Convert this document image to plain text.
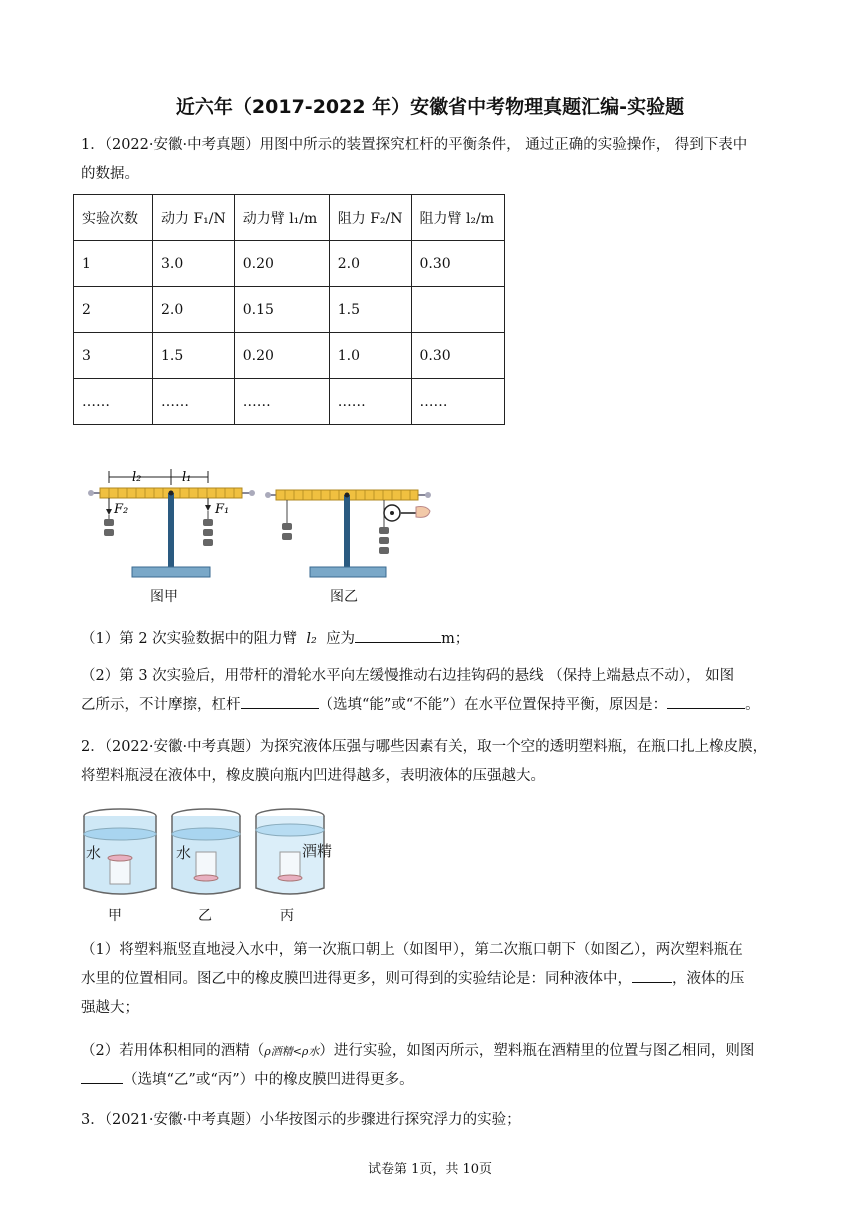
近六年（2017-2022 年）安徽省中考物理真题汇编-实验题
1．（2022·安徽·中考真题）用图中所示的装置探究杠杆的平衡条件， 通过正确的实验操作， 得到下表中
的数据。
实验次数	动力 F₁/N	动力臂 l₁/m	阻力 F₂/N	阻力臂 l₂/m
1	3.0	0.20	2.0	0.30
2	2.0	0.15	1.5	
3	1.5	0.20	1.0	0.30
……	……	……	……	……
l₂	l₁
F₂	F₁
图甲	图乙
（1）第 2 次实验数据中的阻力臂 l₂ 应为	m；
（2）第 3 次实验后，用带杆的滑轮水平向左缓慢推动右边挂钩码的悬线 （保持上端悬点不动）， 如图
乙所示，不计摩擦，杠杆	（选填“能”或“不能”）在水平位置保持平衡，原因是：	。
2．（2022·安徽·中考真题）为探究液体压强与哪些因素有关，取一个空的透明塑料瓶，在瓶口扎上橡皮膜，
将塑料瓶浸在液体中，橡皮膜向瓶内凹进得越多，表明液体的压强越大。
水	水	酒精
甲	乙	丙
（1）将塑料瓶竖直地浸入水中，第一次瓶口朝上（如图甲），第二次瓶口朝下（如图乙），两次塑料瓶在
水里的位置相同。图乙中的橡皮膜凹进得更多，则可得到的实验结论是：同种液体中，	，液体的压
强越大；
（2）若用体积相同的酒精（ρ酒精<ρ水）进行实验，如图丙所示，塑料瓶在酒精里的位置与图乙相同，则图
（选填“乙”或“丙”）中的橡皮膜凹进得更多。
3．（2021·安徽·中考真题）小华按图示的步骤进行探究浮力的实验；
试卷第 1页，共 10页
